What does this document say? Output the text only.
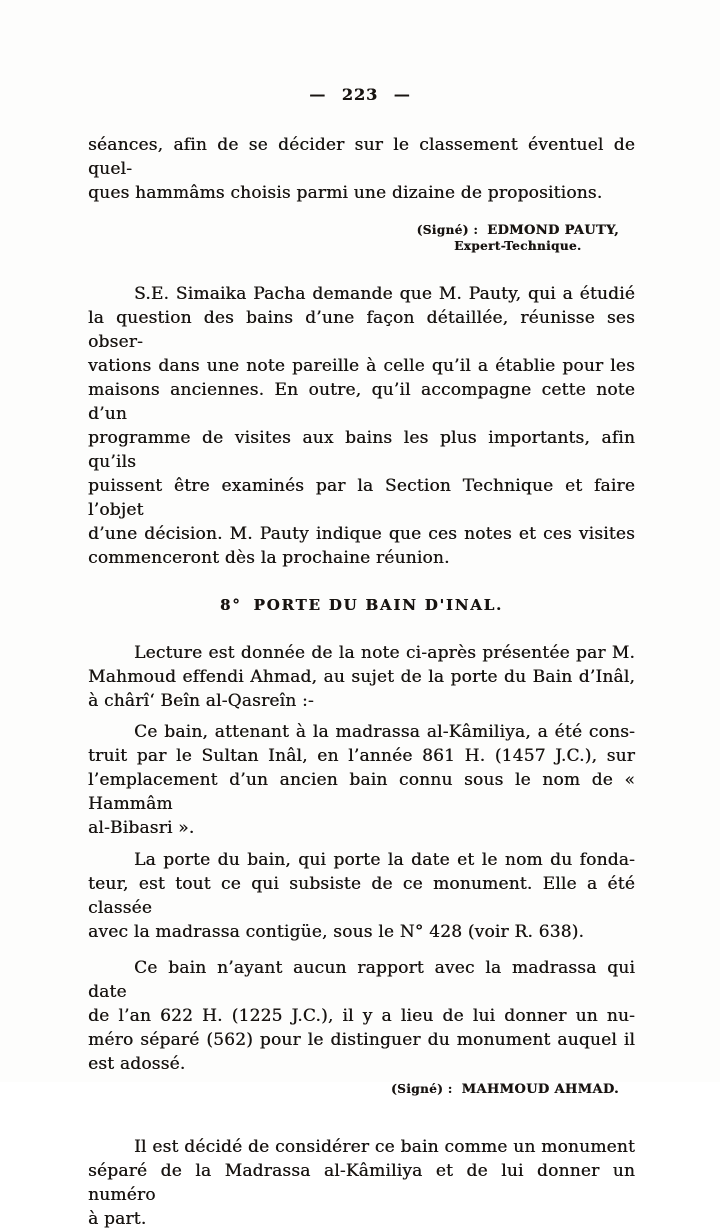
— 223 —
séances, afin de se décider sur le classement éventuel de quel-
ques hammâms choisis parmi une dizaine de propositions.
(Signé) : EDMOND PAUTY,
Expert-Technique.
S.E. Simaika Pacha demande que M. Pauty, qui a étudié
la question des bains d’une façon détaillée, réunisse ses obser-
vations dans une note pareille à celle qu’il a établie pour les
maisons anciennes. En outre, qu’il accompagne cette note d’un
programme de visites aux bains les plus importants, afin qu’ils
puissent être examinés par la Section Technique et faire l’objet
d’une décision. M. Pauty indique que ces notes et ces visites
commenceront dès la prochaine réunion.
8° PORTE DU BAIN D'INAL.
Lecture est donnée de la note ci-après présentée par M.
Mahmoud effendi Ahmad, au sujet de la porte du Bain d’Inâl,
à chârî‘ Beîn al-Qasreîn :-
Ce bain, attenant à la madrassa al-Kâmiliya, a été cons-
truit par le Sultan Inâl, en l’année 861 H. (1457 J.C.), sur
l’emplacement d’un ancien bain connu sous le nom de « Hammâm
al-Bibasri ».
La porte du bain, qui porte la date et le nom du fonda-
teur, est tout ce qui subsiste de ce monument. Elle a été classée
avec la madrassa contigüe, sous le N° 428 (voir R. 638).
Ce bain n’ayant aucun rapport avec la madrassa qui date
de l’an 622 H. (1225 J.C.), il y a lieu de lui donner un nu-
méro séparé (562) pour le distinguer du monument auquel il
est adossé.
(Signé) : MAHMOUD AHMAD.
Il est décidé de considérer ce bain comme un monument
séparé de la Madrassa al-Kâmiliya et de lui donner un numéro
à part.
